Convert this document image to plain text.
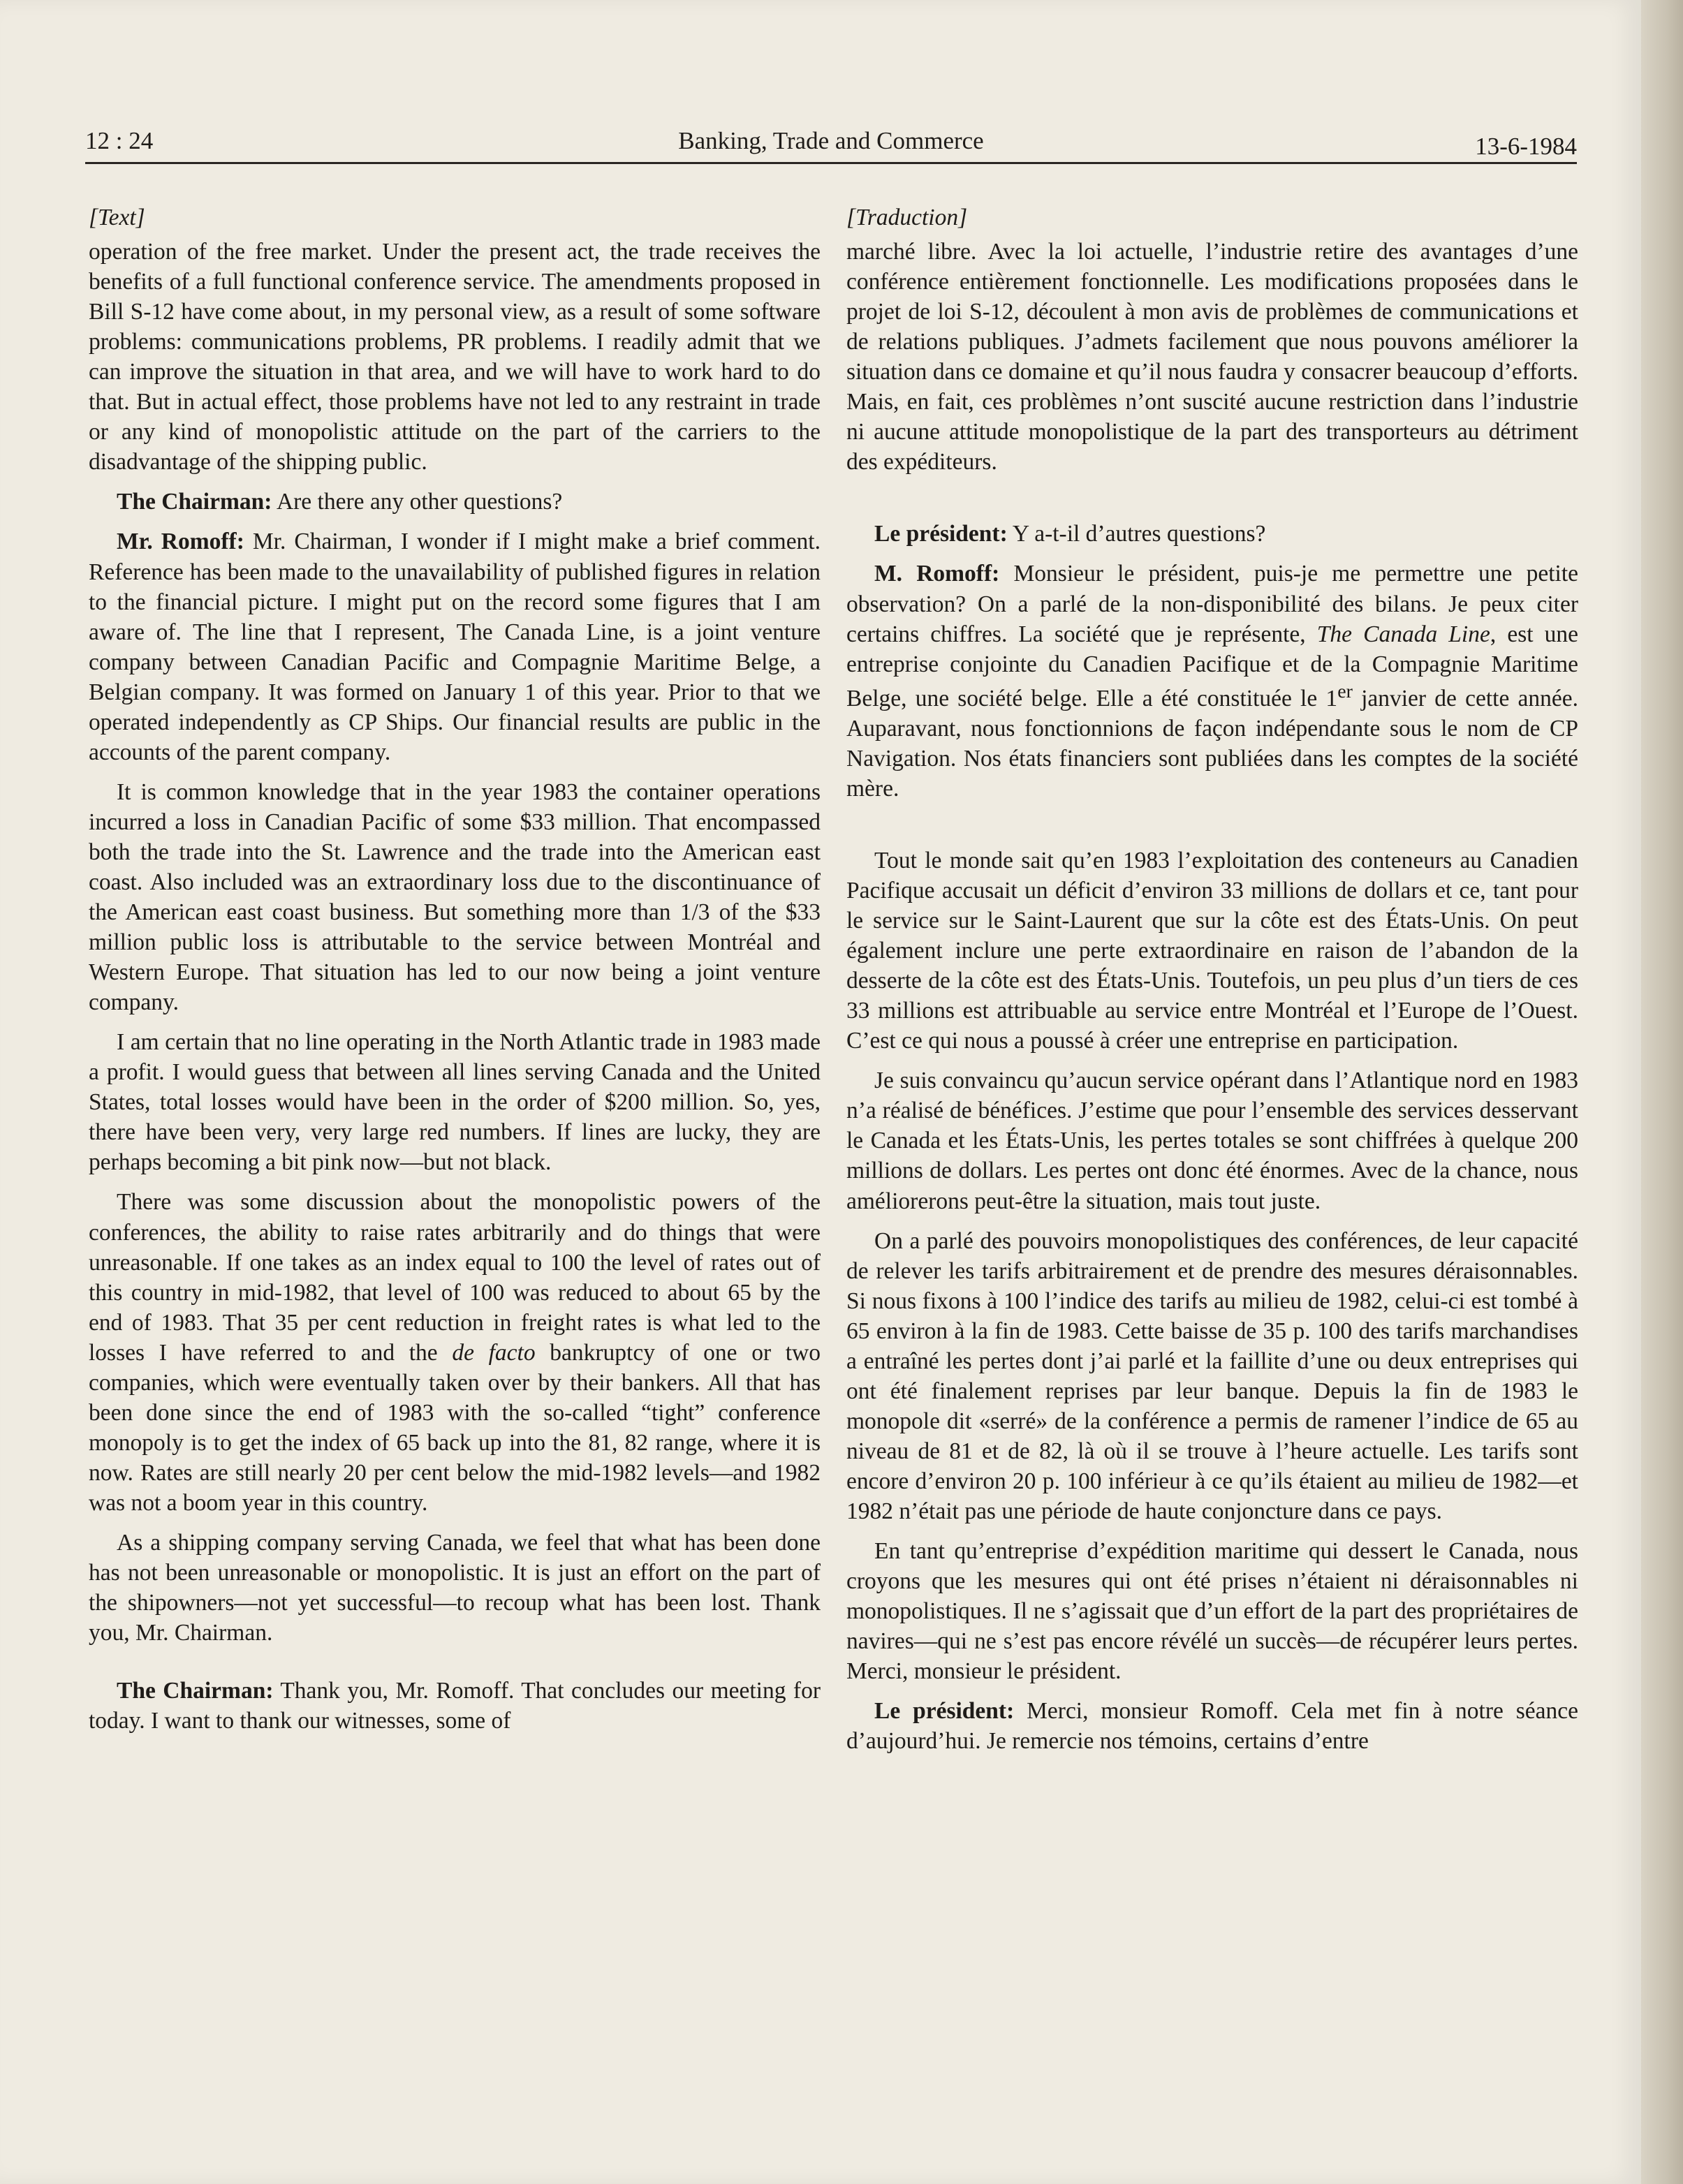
12 : 24	Banking, Trade and Commerce	13-6-1984
[Text]

operation of the free market. Under the present act, the trade receives the benefits of a full functional conference service. The amendments proposed in Bill S-12 have come about, in my personal view, as a result of some software problems: communications problems, PR problems. I readily admit that we can improve the situation in that area, and we will have to work hard to do that. But in actual effect, those problems have not led to any restraint in trade or any kind of monopolistic attitude on the part of the carriers to the disadvantage of the shipping public.

The Chairman: Are there any other questions?

Mr. Romoff: Mr. Chairman, I wonder if I might make a brief comment. Reference has been made to the unavailability of published figures in relation to the financial picture. I might put on the record some figures that I am aware of. The line that I represent, The Canada Line, is a joint venture company between Canadian Pacific and Compagnie Maritime Belge, a Belgian company. It was formed on January 1 of this year. Prior to that we operated independently as CP Ships. Our financial results are public in the accounts of the parent company.

It is common knowledge that in the year 1983 the container operations incurred a loss in Canadian Pacific of some $33 million. That encompassed both the trade into the St. Lawrence and the trade into the American east coast. Also included was an extraordinary loss due to the discontinuance of the American east coast business. But something more than 1/3 of the $33 million public loss is attributable to the service between Montréal and Western Europe. That situation has led to our now being a joint venture company.

I am certain that no line operating in the North Atlantic trade in 1983 made a profit. I would guess that between all lines serving Canada and the United States, total losses would have been in the order of $200 million. So, yes, there have been very, very large red numbers. If lines are lucky, they are perhaps becoming a bit pink now—but not black.

There was some discussion about the monopolistic powers of the conferences, the ability to raise rates arbitrarily and do things that were unreasonable. If one takes as an index equal to 100 the level of rates out of this country in mid-1982, that level of 100 was reduced to about 65 by the end of 1983. That 35 per cent reduction in freight rates is what led to the losses I have referred to and the de facto bankruptcy of one or two companies, which were eventually taken over by their bankers. All that has been done since the end of 1983 with the so-called “tight” conference monopoly is to get the index of 65 back up into the 81, 82 range, where it is now. Rates are still nearly 20 per cent below the mid-1982 levels—and 1982 was not a boom year in this country.

As a shipping company serving Canada, we feel that what has been done has not been unreasonable or monopolistic. It is just an effort on the part of the shipowners—not yet successful—to recoup what has been lost. Thank you, Mr. Chairman.

The Chairman: Thank you, Mr. Romoff. That concludes our meeting for today. I want to thank our witnesses, some of

[Traduction]

marché libre. Avec la loi actuelle, l’industrie retire des avantages d’une conférence entièrement fonctionnelle. Les modifications proposées dans le projet de loi S-12, découlent à mon avis de problèmes de communications et de relations publiques. J’admets facilement que nous pouvons améliorer la situation dans ce domaine et qu’il nous faudra y consacrer beaucoup d’efforts. Mais, en fait, ces problèmes n’ont suscité aucune restriction dans l’industrie ni aucune attitude monopolistique de la part des transporteurs au détriment des expéditeurs.

Le président: Y a-t-il d’autres questions?

M. Romoff: Monsieur le président, puis-je me permettre une petite observation? On a parlé de la non-disponibilité des bilans. Je peux citer certains chiffres. La société que je représente, The Canada Line, est une entreprise conjointe du Canadien Pacifique et de la Compagnie Maritime Belge, une société belge. Elle a été constituée le 1er janvier de cette année. Auparavant, nous fonctionnions de façon indépendante sous le nom de CP Navigation. Nos états financiers sont publiées dans les comptes de la société mère.

Tout le monde sait qu’en 1983 l’exploitation des conteneurs au Canadien Pacifique accusait un déficit d’environ 33 millions de dollars et ce, tant pour le service sur le Saint-Laurent que sur la côte est des États-Unis. On peut également inclure une perte extraordinaire en raison de l’abandon de la desserte de la côte est des États-Unis. Toutefois, un peu plus d’un tiers de ces 33 millions est attribuable au service entre Montréal et l’Europe de l’Ouest. C’est ce qui nous a poussé à créer une entreprise en participation.

Je suis convaincu qu’aucun service opérant dans l’Atlantique nord en 1983 n’a réalisé de bénéfices. J’estime que pour l’ensemble des services desservant le Canada et les États-Unis, les pertes totales se sont chiffrées à quelque 200 millions de dollars. Les pertes ont donc été énormes. Avec de la chance, nous améliorerons peut-être la situation, mais tout juste.

On a parlé des pouvoirs monopolistiques des conférences, de leur capacité de relever les tarifs arbitrairement et de prendre des mesures déraisonnables. Si nous fixons à 100 l’indice des tarifs au milieu de 1982, celui-ci est tombé à 65 environ à la fin de 1983. Cette baisse de 35 p. 100 des tarifs marchandises a entraîné les pertes dont j’ai parlé et la faillite d’une ou deux entreprises qui ont été finalement reprises par leur banque. Depuis la fin de 1983 le monopole dit «serré» de la conférence a permis de ramener l’indice de 65 au niveau de 81 et de 82, là où il se trouve à l’heure actuelle. Les tarifs sont encore d’environ 20 p. 100 inférieur à ce qu’ils étaient au milieu de 1982—et 1982 n’était pas une période de haute conjoncture dans ce pays.

En tant qu’entreprise d’expédition maritime qui dessert le Canada, nous croyons que les mesures qui ont été prises n’étaient ni déraisonnables ni monopolistiques. Il ne s’agissait que d’un effort de la part des propriétaires de navires—qui ne s’est pas encore révélé un succès—de récupérer leurs pertes. Merci, monsieur le président.

Le président: Merci, monsieur Romoff. Cela met fin à notre séance d’aujourd’hui. Je remercie nos témoins, certains d’entre
